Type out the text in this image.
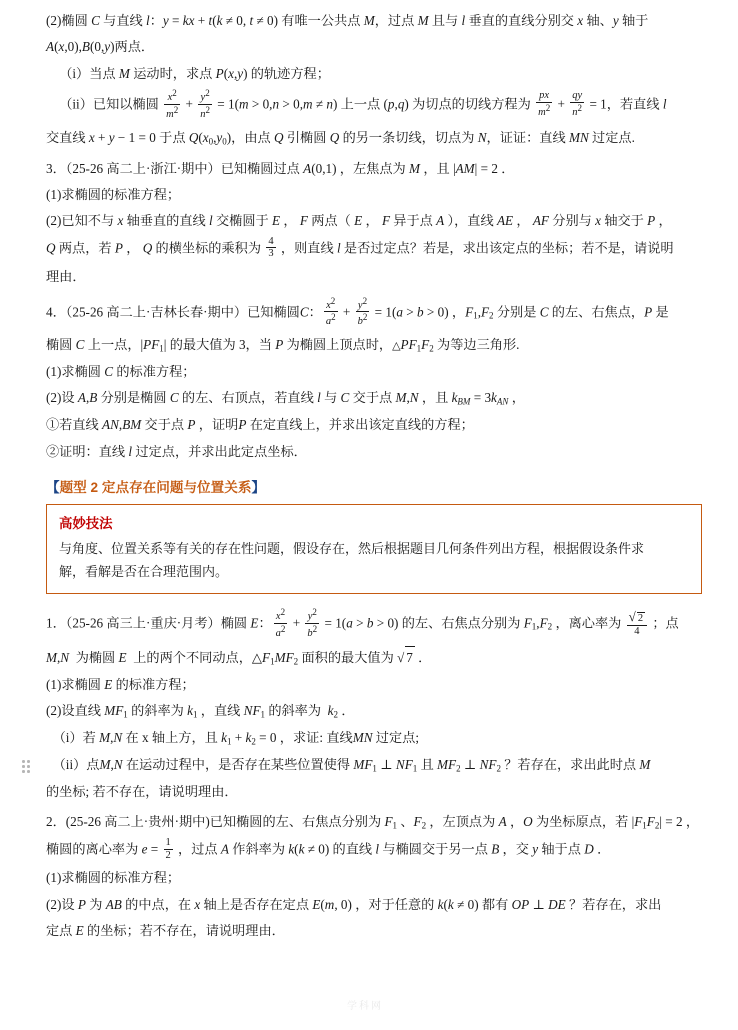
(2)椭圆 C 与直线 l：y = kx + t(k ≠ 0, t ≠ 0) 有唯一公共点 M，过点 M 且与 l 垂直的直线分别交 x 轴、y 轴于
A(x,0),B(0,y)两点．
（i）当点 M 运动时，求点 P(x,y) 的轨迹方程；
（ii）已知以椭圆 $\frac{x^2}{m^2} + \frac{y^2}{n^2} = 1(m > 0,n > 0,m \ne n)$ 上一点 (p,q) 为切点的切线方程为 $\frac{px}{m^2} + \frac{qy}{n^2} = 1$，若直线 l
交直线 x + y − 1 = 0 于点 $Q(x_0,y_0)$，由点 Q 引椭圆 Q 的另一条切线，切点为 N，证证：直线 MN 过定点.
3．（25-26 高二上·浙江·期中）已知椭圆过点 A(0,1) ，左焦点为 M ，且 |AM| = 2 ．
(1)求椭圆的标准方程；
(2)已知不与 x 轴垂直的直线 l 交椭圆于 E ， F 两点（ E ， F 异于点 A ），直线 AE ， AF 分别与 x 轴交于 P ，
Q 两点，若 P ， Q 的横坐标的乘积为 $\frac{4}{3}$ ，则直线 l 是否过定点？若是，求出该定点的坐标；若不是，请说明
理由．
4．（25-26 高二上·吉林长春·期中）已知椭圆C： $\frac{x^2}{a^2} + \frac{y^2}{b^2} = 1(a > b > 0)$ ，$F_1,F_2$ 分别是 C 的左、右焦点，P 是
椭圆 C 上一点，$|PF_1|$ 的最大值为 3，当 P 为椭圆上顶点时，$\triangle PF_1F_2$ 为等边三角形.
(1)求椭圆 C 的标准方程；
(2)设 A,B 分别是椭圆 C 的左、右顶点，若直线 l 与 C 交于点 M,N ，且 $k_{BM} = 3k_{AN}$ ，
①若直线 AN,BM 交于点 P ，证明P 在定直线上，并求出该定直线的方程；
②证明：直线 l 过定点，并求出此定点坐标．
【题型 2 定点存在问题与位置关系】
高妙技法
与角度、位置关系等有关的存在性问题，假设存在，然后根据题目几何条件列出方程，根据假设条件求
解，看解是否在合理范围内。
1．（25-26 高三上·重庆·月考）椭圆 E： $\frac{x^2}{a^2} + \frac{y^2}{b^2} = 1(a > b > 0)$ 的左、右焦点分别为 $F_1,F_2$ ，离心率为 √ $\frac{2}{4}$ ；点
M,N  为椭圆 E  上的两个不同动点，$\triangle F_1MF_2$ 面积的最大值为 √ 7 ．
(1)求椭圆 E 的标准方程；
(2)设直线 $MF_1$ 的斜率为 $k_1$ ，直线 $NF_1$ 的斜率为  $k_2$ ．
（i）若 M,N 在 x 轴上方，且 $k_1 + k_2 = 0$ ，求证: 直线MN 过定点;
（ii）点M,N 在运动过程中，是否存在某些位置使得 $MF_1$ ⊥ $NF_1$ 且 $MF_2$ ⊥ $NF_2$ ？若存在，求出此时点 M
的坐标; 若不存在，请说明理由．
2．(25-26 高二上·贵州·期中)已知椭圆的左、右焦点分别为 $F_1$ 、$F_2$ ，左顶点为 A ，O 为坐标原点，若 $|F_1F_2| = 2$ ，
椭圆的离心率为 $e = \frac{1}{2}$ ，过点 A 作斜率为 k(k ≠ 0) 的直线 l 与椭圆交于另一点 B ，交 y 轴于点 D ．
(1)求椭圆的标准方程；
(2)设 P 为 AB 的中点，在 x 轴上是否存在定点 E(m, 0) ，对于任意的 k(k ≠ 0) 都有 OP ⊥ DE ？若存在，求出
定点 E 的坐标；若不存在，请说明理由．
学科网
